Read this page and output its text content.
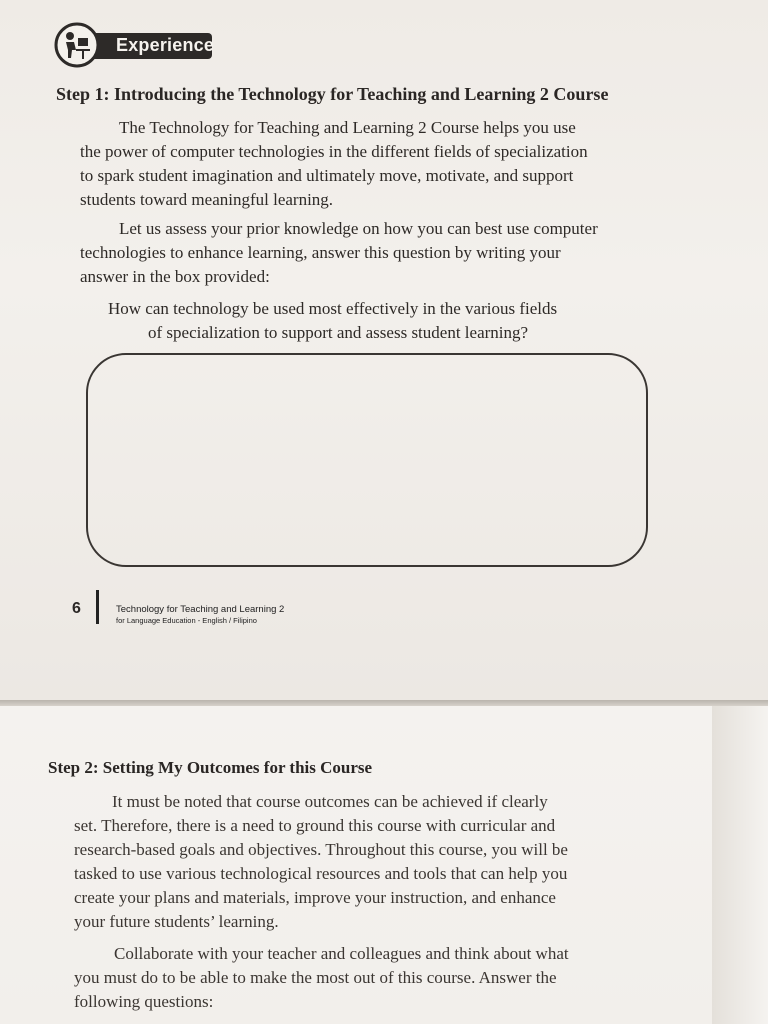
Experience
Step 1: Introducing the Technology for Teaching and Learning 2 Course

The Technology for Teaching and Learning 2 Course helps you use

the power of computer technologies in the different fields of specialization

to spark student imagination and ultimately move, motivate, and support

students toward meaningful learning.

Let us assess your prior knowledge on how you can best use computer

technologies to enhance learning, answer this question by writing your

answer in the box provided:

How can technology be used most effectively in the various fields

of specialization to support and assess student learning?

6	Technology for Teaching and Learning 2
for Language Education - English / Filipino
Step 2: Setting My Outcomes for this Course

It must be noted that course outcomes can be achieved if clearly

set. Therefore, there is a need to ground this course with curricular and

research-based goals and objectives. Throughout this course, you will be

tasked to use various technological resources and tools that can help you

create your plans and materials, improve your instruction, and enhance

your future students’ learning.

Collaborate with your teacher and colleagues and think about what

you must do to be able to make the most out of this course. Answer the

following questions:
